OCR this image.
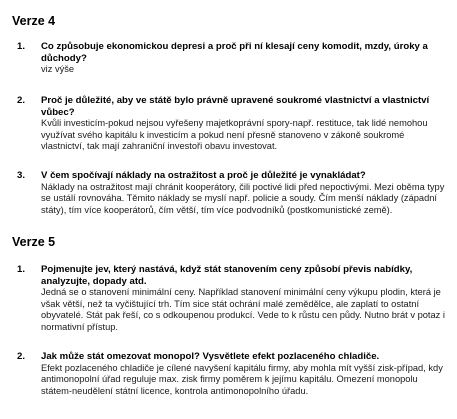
Verze 4
1.	Co způsobuje ekonomickou depresi a proč při ní klesají ceny komodit, mzdy, úroky a důchody?
viz výše
2.	Proč je důležité, aby ve státě bylo právně upravené soukromé vlastnictví a vlastnictví vůbec?
Kvůli investicím-pokud nejsou vyřešeny majetkoprávní spory-např. restituce, tak lidé nemohou využívat svého kapitálu k investicím a pokud není přesně stanoveno v zákoně soukromé vlastnictví, tak mají zahraniční investoři obavu investovat.
3.	V čem spočívají náklady na ostražitost a proč je důležité je vynakládat?
Náklady na ostražitost mají chránit kooperátory, čili poctivé lidi před nepoctivými. Mezi oběma typy se ustálí rovnováha. Těmito náklady se myslí např. policie a soudy. Čím menší náklady (západní státy), tím více kooperátorů, čím větší, tím více podvodníků (postkomunistické země).
Verze 5
1.	Pojmenujte jev, který nastává, když stát stanovením ceny způsobí převis nabídky, analyzujte, dopady atd.
Jedná se o stanovení minimální ceny. Například stanovení minimální ceny výkupu plodin, která je však větší, než ta vyčištující trh. Tím sice stát ochrání malé zemědělce, ale zaplatí to ostatní obyvatelé. Stát pak řeší, co s odkoupenou produkcí. Vede to k růstu cen půdy. Nutno brát v potaz i normativní přístup.
2.	Jak může stát omezovat monopol? Vysvětlete efekt pozlaceného chladiče.
Efekt pozlaceného chladiče je cílené navyšení kapitálu firmy, aby mohla mít vyšší zisk-případ, kdy antimonopolní úřad reguluje max. zisk firmy poměrem k jejímu kapitálu. Omezení monopolu státem-neudělení státní licence, kontrola antimonopolního úřadu.
